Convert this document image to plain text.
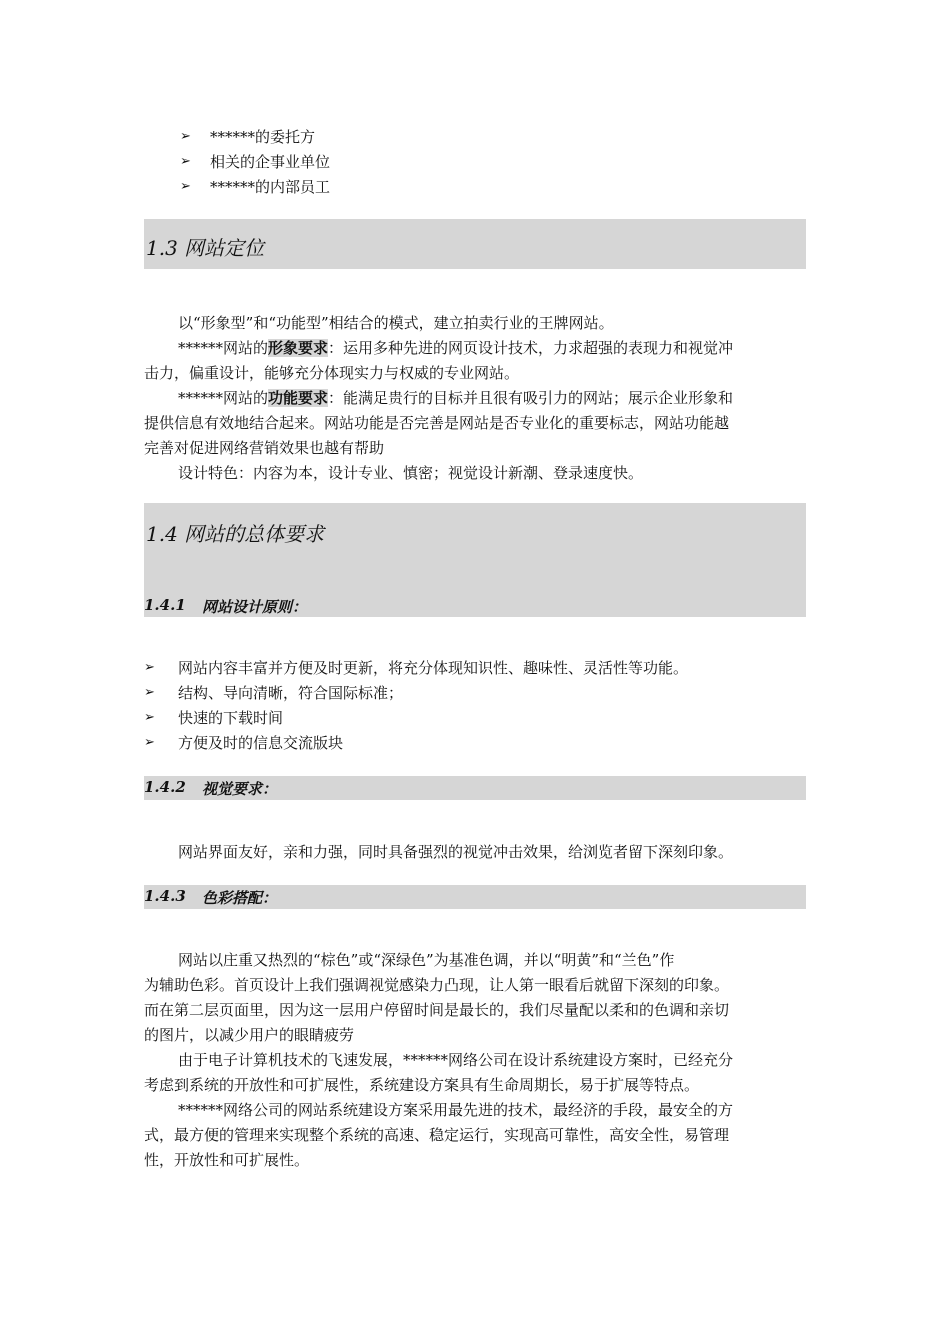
➢ ******的委托方
➢ 相关的企事业单位
➢ ******的内部员工
1.3 网站定位
以“形象型”和“功能型”相结合的模式，建立拍卖行业的王牌网站。
******网站的形象要求：运用多种先进的网页设计技术，力求超强的表现力和视觉冲
击力，偏重设计，能够充分体现实力与权威的专业网站。
******网站的功能要求：能满足贵行的目标并且很有吸引力的网站；展示企业形象和
提供信息有效地结合起来。网站功能是否完善是网站是否专业化的重要标志，网站功能越
完善对促进网络营销效果也越有帮助
设计特色：内容为本，设计专业、慎密；视觉设计新潮、登录速度快。
1.4 网站的总体要求
1.4.1 网站设计原则：
➢ 网站内容丰富并方便及时更新，将充分体现知识性、趣味性、灵活性等功能。
➢ 结构、导向清晰，符合国际标准；
➢ 快速的下载时间
➢ 方便及时的信息交流版块
1.4.2 视觉要求：
网站界面友好，亲和力强，同时具备强烈的视觉冲击效果，给浏览者留下深刻印象。
1.4.3 色彩搭配：
网站以庄重又热烈的“棕色”或“深绿色”为基准色调，并以“明黄”和“兰色”作
为辅助色彩。首页设计上我们强调视觉感染力凸现，让人第一眼看后就留下深刻的印象。
而在第二层页面里，因为这一层用户停留时间是最长的，我们尽量配以柔和的色调和亲切
的图片，以减少用户的眼睛疲劳
由于电子计算机技术的飞速发展，******网络公司在设计系统建设方案时，已经充分
考虑到系统的开放性和可扩展性，系统建设方案具有生命周期长，易于扩展等特点。
******网络公司的网站系统建设方案采用最先进的技术，最经济的手段，最安全的方
式，最方便的管理来实现整个系统的高速、稳定运行，实现高可靠性，高安全性，易管理
性，开放性和可扩展性。
